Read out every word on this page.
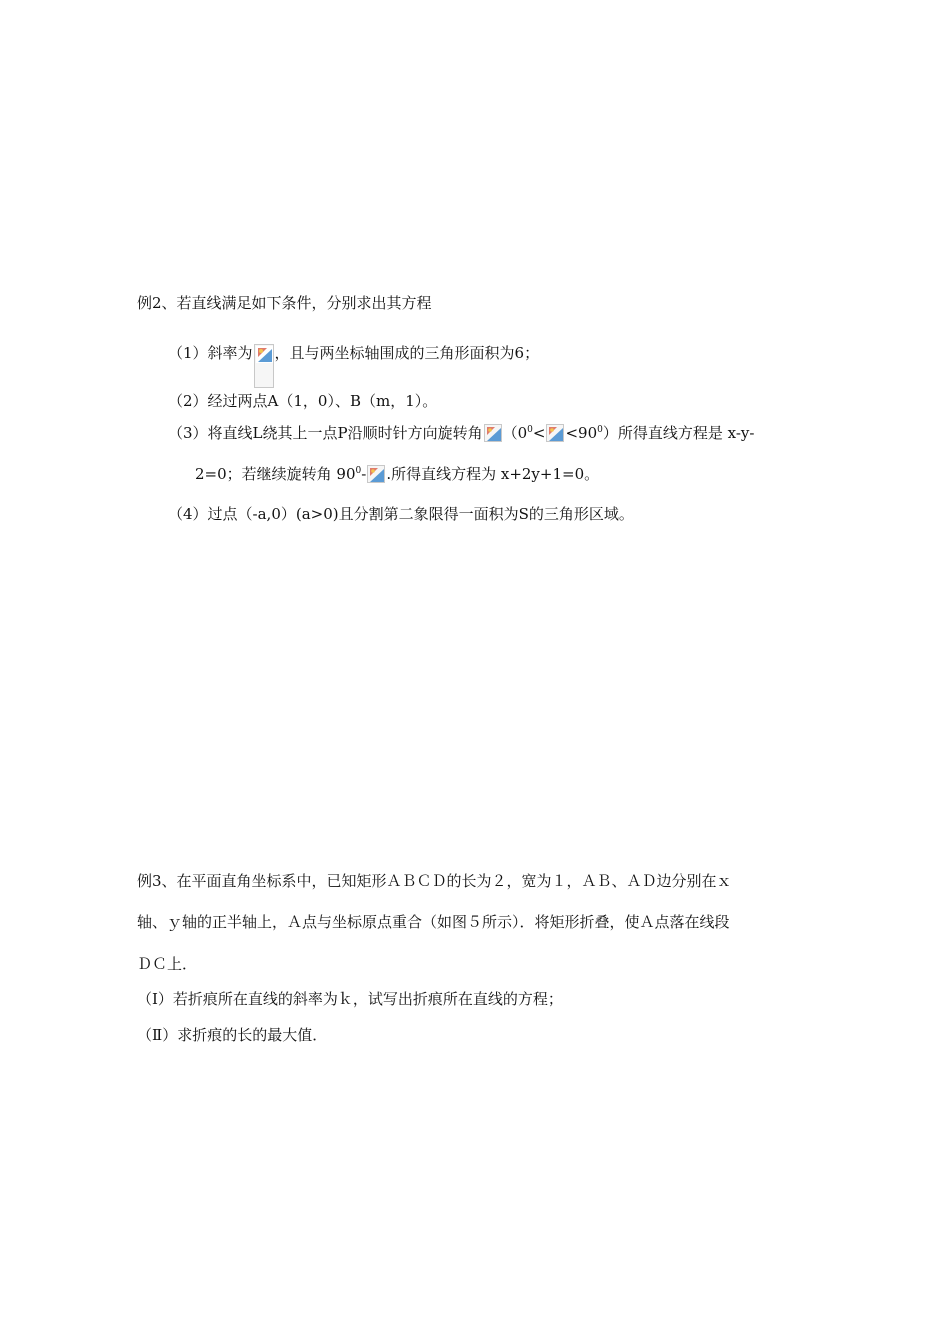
例2、若直线满足如下条件，分别求出其方程
（1）斜率为 ，且与两坐标轴围成的三角形面积为6；
（2）经过两点A（1，0）、B（m，1）。
（3）将直线L绕其上一点P沿顺时针方向旋转角 $(0^0< <90^0)$所得直线方程是 x-y-
2=0；若继续旋转角 $90^0-$ .所得直线方程为 x+2y+1=0。
（4）过点（-a,0）(a>0)且分割第二象限得一面积为S的三角形区域。
例3、在平面直角坐标系中，已知矩形ＡＢＣＤ的长为２，宽为１，ＡＢ、ＡＤ边分别在ｘ
轴、ｙ轴的正半轴上，Ａ点与坐标原点重合（如图５所示）．将矩形折叠，使Ａ点落在线段
ＤＣ上．
（Ⅰ）若折痕所在直线的斜率为ｋ，试写出折痕所在直线的方程；
（Ⅱ）求折痕的长的最大值．
